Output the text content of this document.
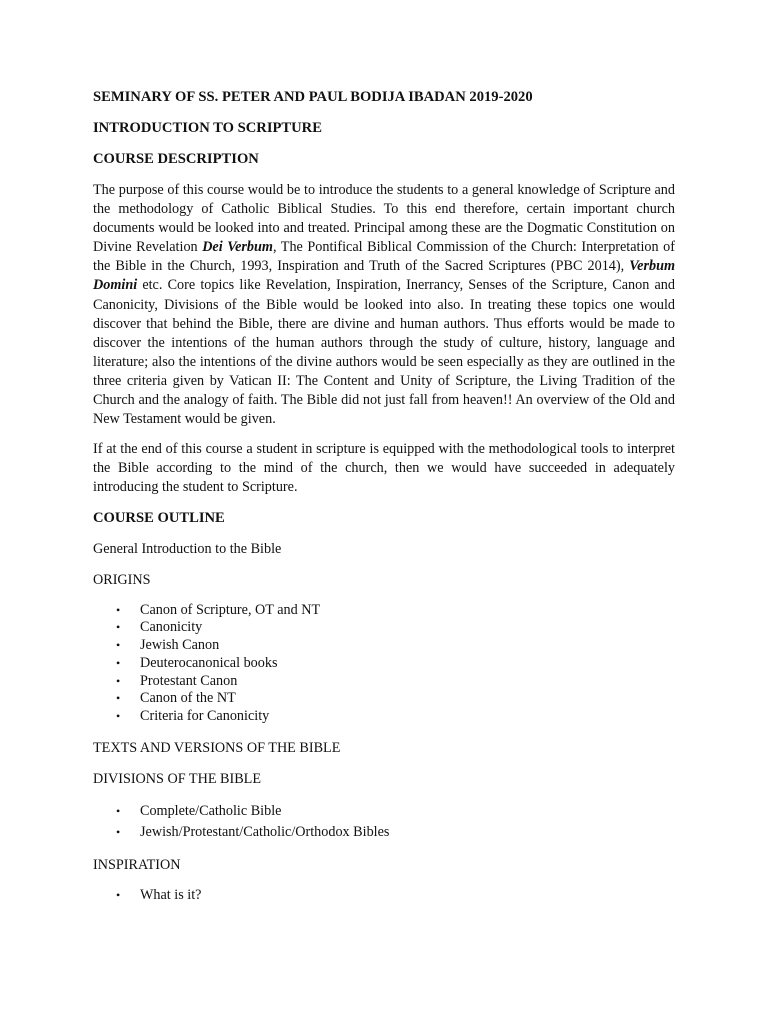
SEMINARY OF SS. PETER AND PAUL BODIJA IBADAN 2019-2020
INTRODUCTION TO SCRIPTURE
COURSE DESCRIPTION

The purpose of this course would be to introduce the students to a general knowledge of Scripture and the methodology of Catholic Biblical Studies. To this end therefore, certain important church documents would be looked into and treated. Principal among these are the Dogmatic Constitution on Divine Revelation Dei Verbum, The Pontifical Biblical Commission of the Church: Interpretation of the Bible in the Church, 1993, Inspiration and Truth of the Sacred Scriptures (PBC 2014), Verbum Domini etc. Core topics like Revelation, Inspiration, Inerrancy, Senses of the Scripture, Canon and Canonicity, Divisions of the Bible would be looked into also. In treating these topics one would discover that behind the Bible, there are divine and human authors. Thus efforts would be made to discover the intentions of the human authors through the study of culture, history, language and literature; also the intentions of the divine authors would be seen especially as they are outlined in the three criteria given by Vatican II: The Content and Unity of Scripture, the Living Tradition of the Church and the analogy of faith. The Bible did not just fall from heaven!! An overview of the Old and New Testament would be given.

If at the end of this course a student in scripture is equipped with the methodological tools to interpret the Bible according to the mind of the church, then we would have succeeded in adequately introducing the student to Scripture.

COURSE OUTLINE
General Introduction to the Bible
ORIGINS
• Canon of Scripture, OT and NT
• Canonicity
• Jewish Canon
• Deuterocanonical books
• Protestant Canon
• Canon of the NT
• Criteria for Canonicity
TEXTS AND VERSIONS OF THE BIBLE
DIVISIONS OF THE BIBLE
• Complete/Catholic Bible
• Jewish/Protestant/Catholic/Orthodox Bibles
INSPIRATION
• What is it?
